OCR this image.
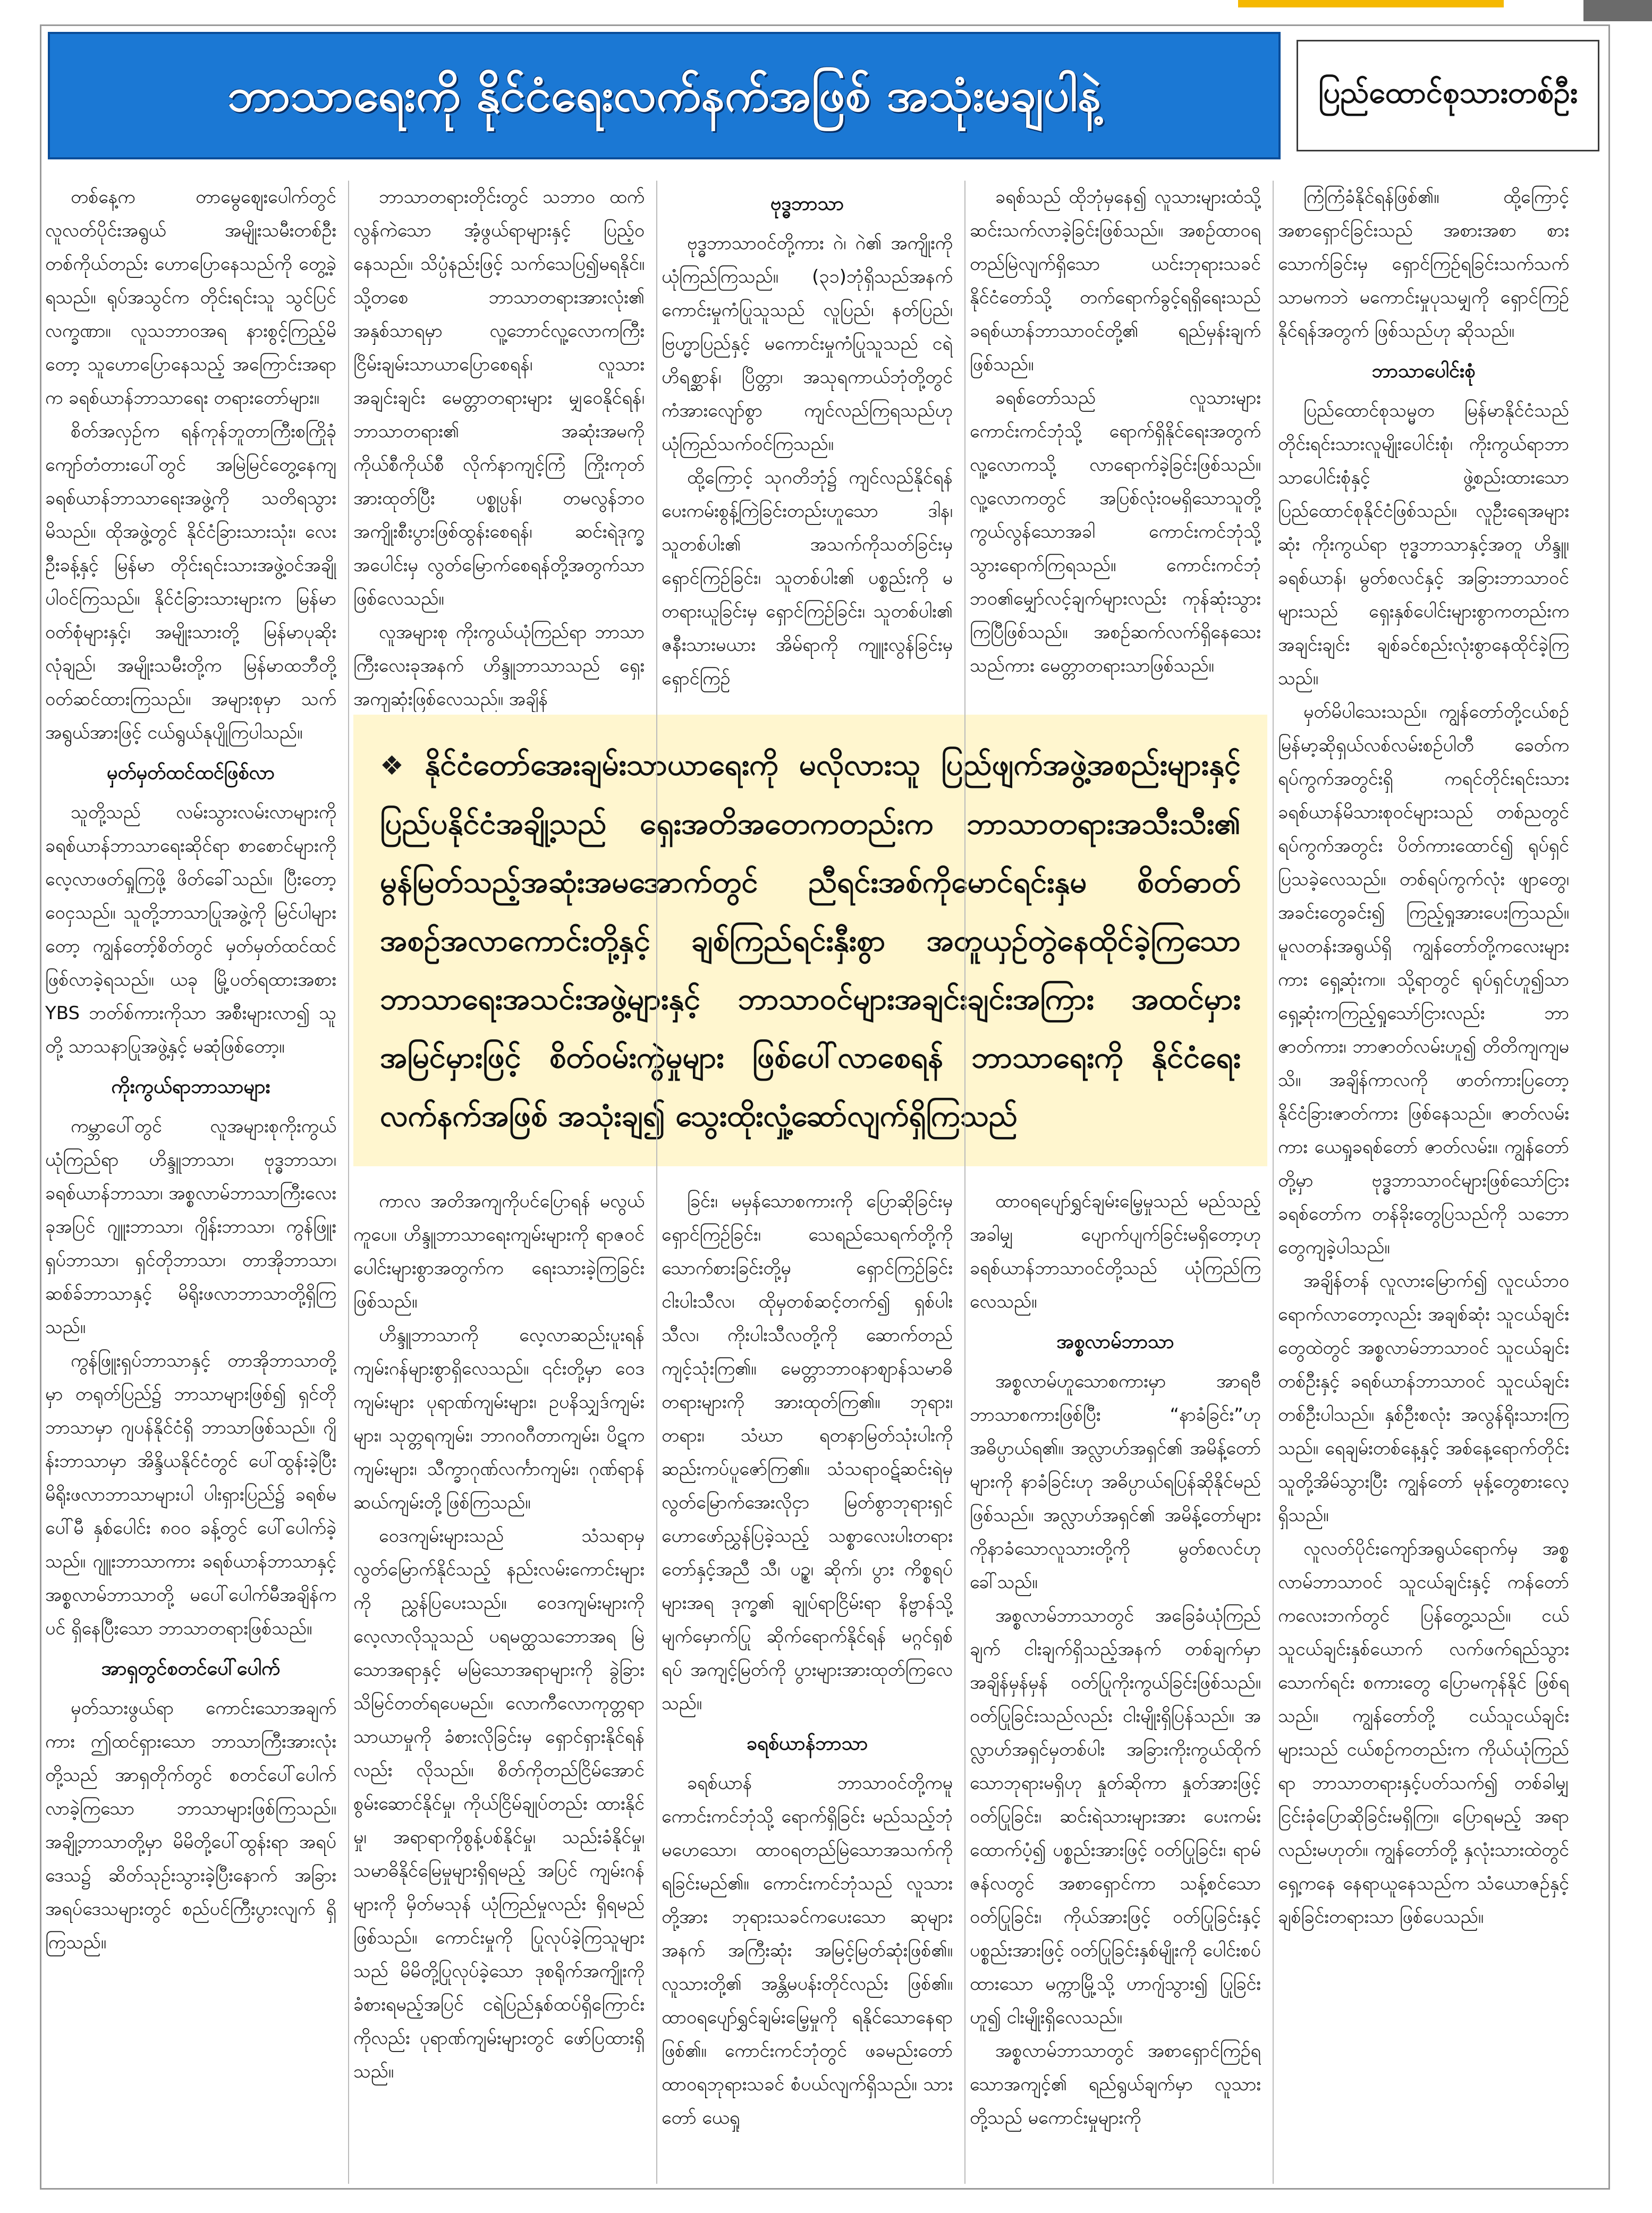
ဘာသာရေးကို နိုင်ငံရေးလက်နက်အဖြစ် အသုံးမချပါနဲ့	ပြည်ထောင်စုသားတစ်ဦး

တစ်နေ့က တာမွေဈေးပေါက်တွင် လူလတ်ပိုင်းအရွယ် အမျိုးသမီးတစ်ဦး တစ်ကိုယ်တည်း ဟောပြောနေသည်ကို တွေ့ခဲ့ရသည်။ ရုပ်အသွင်က တိုင်းရင်းသူ သွင်ပြင်လက္ခဏာ။ လူသဘာဝအရ နားစွင့်ကြည့်မိတော့ သူဟောပြောနေသည့် အကြောင်းအရာ က ခရစ်ယာန်ဘာသာရေး တရားတော်များ။

စိတ်အလှဉ်က ရန်ကုန်ဘူတာကြီးစကြိုခုံကျော်တံတားပေါ်တွင် အမြဲမြင်တွေ့နေကျ ခရစ်ယာန်ဘာသာရေးအဖွဲ့ကို သတိရသွားမိသည်။ ထိုအဖွဲ့တွင် နိုင်ငံခြားသားသုံး၊ လေးဦးခန့်နှင့် မြန်မာ တိုင်းရင်းသားအဖွဲ့ဝင်အချို့ ပါဝင်ကြသည်။ နိုင်ငံခြားသားများက မြန်မာဝတ်စုံများနှင့်၊ အမျိုးသားတို့ မြန်မာပုဆိုးလုံချည်၊ အမျိုးသမီးတို့က မြန်မာထဘီတို့ ဝတ်ဆင်ထားကြသည်။ အများစုမှာ သက်အရွယ်အားဖြင့် ငယ်ရွယ်နုပျိုကြပါသည်။

မှတ်မှတ်ထင်ထင်ဖြစ်လာ

သူတို့သည် လမ်းသွားလမ်းလာများကို ခရစ်ယာန်ဘာသာရေးဆိုင်ရာ စာစောင်များကို လေ့လာဖတ်ရှုကြဖို့ ဖိတ်ခေါ်သည်။ ပြီးတော့ ဝေငှသည်။ သူတို့ဘာသာပြုအဖွဲ့ကို မြင်ပါများတော့ ကျွန်တော့်စိတ်တွင် မှတ်မှတ်ထင်ထင်ဖြစ်လာခဲ့ရသည်။ ယခု မြို့ပတ်ရထားအစား YBS ဘတ်စ်ကားကိုသာ အစီးများလာ၍ သူတို့ သာသနာပြုအဖွဲ့နှင့် မဆုံဖြစ်တော့။

ကိုးကွယ်ရာဘာသာများ

ကမ္ဘာပေါ်တွင် လူအများစုကိုးကွယ်ယုံကြည်ရာ ဟိန္ဒူဘာသာ၊ ဗုဒ္ဓဘာသာ၊ ခရစ်ယာန်ဘာသာ၊ အစ္စလာမ်ဘာသာကြီးလေးခုအပြင် ဂျူးဘာသာ၊ ဂျိန်းဘာသာ၊ ကွန်ဖြူးရှပ်ဘာသာ၊ ရှင်တိုဘာသာ၊ တာအိုဘာသာ၊ ဆစ်ခ်ဘာသာနှင့် မိရိုးဖလာဘာသာတို့ရှိကြသည်။

ကွန်ဖြူးရှပ်ဘာသာနှင့် တာအိုဘာသာတို့မှာ တရုတ်ပြည်၌ ဘာသာများဖြစ်၍ ရှင်တိုဘာသာမှာ ဂျပန်နိုင်ငံရှိ ဘာသာဖြစ်သည်။ ဂျိန်းဘာသာမှာ အိန္ဒိယနိုင်ငံတွင် ပေါ်ထွန်းခဲ့ပြီး မိရိုးဖလာဘာသာများပါ ပါးရှားပြည်၌ ခရစ်မပေါ်မီ နှစ်ပေါင်း ၈၀၀ ခန့်တွင် ပေါ်ပေါက်ခဲ့သည်။ ဂျူးဘာသာကား ခရစ်ယာန်ဘာသာနှင့် အစ္စလာမ်ဘာသာတို့ မပေါ်ပေါက်မီအချိန်ကပင် ရှိနေပြီးသော ဘာသာတရားဖြစ်သည်။

အာရှတွင်စတင်ပေါ်ပေါက်

မှတ်သားဖွယ်ရာ ကောင်းသောအချက်ကား ဤထင်ရှားသော ဘာသာကြီးအားလုံးတို့သည် အာရှတိုက်တွင် စတင်ပေါ်ပေါက်လာခဲ့ကြသော ဘာသာများဖြစ်ကြသည်။ အချို့ဘာသာတို့မှာ မိမိတို့ပေါ်ထွန်းရာ အရပ်ဒေသ၌ ဆိတ်သုဉ်းသွားခဲ့ပြီးနောက် အခြားအရပ်ဒေသများတွင် စည်ပင်ကြီးပွားလျက် ရှိကြသည်။

ဘာသာတရားတိုင်းတွင် သဘာဝ ထက်လွန်ကဲသော အံ့ဖွယ်ရာများနှင့် ပြည့်ဝနေသည်။ သိပ္ပံနည်းဖြင့် သက်သေပြ၍မရနိုင်။ သို့တစေ ဘာသာတရားအားလုံး၏ အနှစ်သာရမှာ လူ့ဘောင်လူ့လောကကြီး ငြိမ်းချမ်းသာယာပြောစေရန်၊ လူသားအချင်းချင်း မေတ္တာတရားများ မျှဝေနိုင်ရန်၊ ဘာသာတရား၏ အဆုံးအမကို ကိုယ်စီကိုယ်စီ လိုက်နာကျင့်ကြံ ကြိုးကုတ်အားထုတ်ပြီး ပစ္စုပ္ပန်၊ တမလွန်ဘဝ အကျိုးစီးပွားဖြစ်ထွန်းစေရန်၊ ဆင်းရဲဒုက္ခအပေါင်းမှ လွတ်မြောက်စေရန်တို့အတွက်သာ ဖြစ်လေသည်။

လူအများစု ကိုးကွယ်ယုံကြည်ရာ ဘာသာကြီးလေးခုအနက် ဟိန္ဒူဘာသာသည် ရှေးအကျဆုံးဖြစ်လေသည်။ အချိန်

ဗုဒ္ဓဘာသာ

ဗုဒ္ဓဘာသာဝင်တို့ကား ဂဲ၊ ဂဲ၏ အကျိုးကို ယုံကြည်ကြသည်။ (၃၁)ဘုံရှိသည်အနက် ကောင်းမှုကံပြုသူသည် လူပြည်၊ နတ်ပြည်၊ ဗြဟ္မာပြည်နှင့် မကောင်းမှုကံပြုသူသည် ငရဲ ဟိရစ္ဆာန်၊ ပြိတ္တာ၊ အသုရကာယ်ဘုံတို့တွင် ကံအားလျော်စွာ ကျင်လည်ကြရသည်ဟု ယုံကြည်သက်ဝင်ကြသည်။

ထို့ကြောင့် သုဂတိဘုံ၌ ကျင်လည်နိုင်ရန် ပေးကမ်းစွန့်ကြဲခြင်းတည်းဟူသော ဒါန၊ သူတစ်ပါး၏ အသက်ကိုသတ်ခြင်းမှရှောင်ကြဉ်ခြင်း၊ သူတစ်ပါး၏ ပစ္စည်းကို မတရားယူခြင်းမှ ရှောင်ကြဉ်ခြင်း၊ သူတစ်ပါး၏ ဇနီးသားမယား အိမ်ရာကို ကျူးလွန်ခြင်းမှ ရှောင်ကြဉ်

ခရစ်သည် ထိုဘုံမှနေ၍ လူသားများထံသို့ ဆင်းသက်လာခဲ့ခြင်းဖြစ်သည်။ အစဉ်ထာဝရတည်မြဲလျက်ရှိသော ယင်းဘုရားသခင် နိုင်ငံတော်သို့ တက်ရောက်ခွင့်ရရှိရေးသည် ခရစ်ယာန်ဘာသာဝင်တို့၏ ရည်မှန်းချက်ဖြစ်သည်။

ခရစ်တော်သည် လူသားများ ကောင်းကင်ဘုံသို့ ရောက်ရှိနိုင်ရေးအတွက် လူ့လောကသို့ လာရောက်ခဲ့ခြင်းဖြစ်သည်။ လူ့လောကတွင် အပြစ်လုံးဝမရှိသောသူတို့ ကွယ်လွန်သောအခါ ကောင်းကင်ဘုံသို့ သွားရောက်ကြရသည်။ ကောင်းကင်ဘုံ ဘဝ၏မျှော်လင့်ချက်များလည်း ကုန်ဆုံးသွားကြပြီဖြစ်သည်။ အစဉ်ဆက်လက်ရှိနေသေးသည်ကား မေတ္တာတရားသာဖြစ်သည်။

❖ နိုင်ငံတော်အေးချမ်းသာယာရေးကို မလိုလားသူ ပြည်ဖျက်အဖွဲ့အစည်းများနှင့် ပြည်ပနိုင်ငံအချို့သည် ရှေးအတိအတေကတည်းက ဘာသာတရားအသီးသီး၏ မွန်မြတ်သည့်အဆုံးအမအောက်တွင် ညီရင်းအစ်ကိုမောင်ရင်းနှမ စိတ်ဓာတ်အစဉ်အလာကောင်းတို့နှင့် ချစ်ကြည်ရင်းနှီးစွာ အတူယှဉ်တွဲနေထိုင်ခဲ့ကြသော ဘာသာရေးအသင်းအဖွဲ့များနှင့် ဘာသာဝင်များအချင်းချင်းအကြား အထင်မှားအမြင်မှားဖြင့် စိတ်ဝမ်းကွဲမှုများ ဖြစ်ပေါ်လာစေရန် ဘာသာရေးကို နိုင်ငံရေးလက်နက်အဖြစ် အသုံးချ၍ သွေးထိုးလှုံ့ဆော်လျက်ရှိကြသည်

ကာလ အတိအကျကိုပင်ပြောရန် မလွယ်ကူပေ။ ဟိန္ဒူဘာသာရေးကျမ်းများကို ရာဇဝင်ပေါင်းများစွာအတွက်က ရေးသားခဲ့ကြခြင်းဖြစ်သည်။

ဟိန္ဒူဘာသာကို လေ့လာဆည်းပူးရန် ကျမ်းဂန်များစွာရှိလေသည်။ ၎င်းတို့မှာ ဝေဒကျမ်းများ ပုရာဏ်ကျမ်းများ၊ ဥပနိသျှဒ်ကျမ်းများ၊ သုတ္တရကျမ်း၊ ဘာဂဝဂီတာကျမ်း၊ ပိဋကကျမ်းများ၊ သီက္ခာဂုဏ်လင်္ကာကျမ်း၊ ဂုဏ်ရာန်ဆယ်ကျမ်းတို့ဖြစ်ကြသည်။

ဝေဒကျမ်းများသည် သံသရာမှ လွတ်မြောက်နိုင်သည့် နည်းလမ်းကောင်းများကို ညွှန်ပြပေးသည်။ ဝေဒကျမ်းများကို လေ့လာလိုသူသည် ပရမတ္ထသဘောအရ မြဲသောအရာနှင့် မမြဲသောအရာများကို ခွဲခြားသိမြင်တတ်ရပေမည်။ လောကီလောကုတ္တရာ သာယာမှုကို ခံစားလိုခြင်းမှ ရှောင်ရှားနိုင်ရန်လည်း လိုသည်။ စိတ်ကိုတည်ငြိမ်အောင် စွမ်းဆောင်နိုင်မှု၊ ကိုယ်ငြိမ်ချုပ်တည်း ထားနိုင်မှု၊ အရာရာကိုစွန့်ပစ်နိုင်မှု၊ သည်းခံနိုင်မှု၊ သမာဓိနိုင်မြေမှုများရှိရမည့် အပြင် ကျမ်းဂန်များကို မှိတ်မသုန် ယုံကြည်မှုလည်း ရှိရမည်ဖြစ်သည်။ ကောင်းမှုကို ပြုလုပ်ခဲ့ကြသူများသည် မိမိတို့ပြုလုပ်ခဲ့သော ဒုစရိုက်အကျိုးကို ခံစားရမည့်အပြင် ငရဲပြည်နှစ်ထပ်ရှိကြောင်းကိုလည်း ပုရာဏ်ကျမ်းများတွင် ဖော်ပြထားရှိသည်။

ခြင်း၊ မမှန်သောစကားကို ပြောဆိုခြင်းမှ ရှောင်ကြဉ်ခြင်း၊ သေရည်သေရက်တို့ကို သောက်စားခြင်းတို့မှ ရှောင်ကြဉ်ခြင်း ငါးပါးသီလ၊ ထိုမှတစ်ဆင့်တက်၍ ရှစ်ပါးသီလ၊ ကိုးပါးသီလတို့ကို ဆောက်တည်ကျင့်သုံးကြ၏။ မေတ္တာဘာဝနာစျာန်သမာဓိတရားများကို အားထုတ်ကြ၏။ ဘုရား၊ တရား၊ သံဃာ ရတနာမြတ်သုံးပါးကို ဆည်းကပ်ပူဇော်ကြ၏။ သံသရာဝဋ်ဆင်းရဲမှ လွတ်မြောက်အေးလိုငှာ မြတ်စွာဘုရားရှင် ဟောဖော်ညွှန်ပြခဲ့သည့် သစ္စာလေးပါးတရားတော်နှင့်အညီ သီ၊ ပဉ္စ၊ ဆိုက်၊ ပွား ကိစ္စရပ်များအရ ဒုက္ခ၏ ချုပ်ရာငြိမ်းရာ နိဗ္ဗာန်သို့ မျက်မှောက်ပြု ဆိုက်ရောက်နိုင်ရန် မဂ္ဂင်ရှစ်ရပ် အကျင့်မြတ်ကို ပွားများအားထုတ်ကြလေသည်။

ခရစ်ယာန်ဘာသာ

ခရစ်ယာန် ဘာသာဝင်တို့ကမူ ကောင်းကင်ဘုံသို့ ရောက်ရှိခြင်း မည်သည့်ဘုံ မဟေသော၊ ထာဝရတည်မြဲသောအသက်ကို ရခြင်းမည်၏။ ကောင်းကင်ဘုံသည် လူသားတို့အား ဘုရားသခင်ကပေးသော ဆုများအနက် အကြီးဆုံး အမြင့်မြတ်ဆုံးဖြစ်၏။ လူသားတို့၏ အန္တိမပန်းတိုင်လည်း ဖြစ်၏။ ထာဝရပျော်ရွှင်ချမ်းမြေ့မှုကို ရနိုင်သောနေရာဖြစ်၏။ ကောင်းကင်ဘုံတွင် ဖခမည်းတော် ထာဝရဘုရားသခင် စံပယ်လျက်ရှိသည်။ သားတော် ယေရှု

ထာဝရပျော်ရွှင်ချမ်းမြေ့မှုသည် မည်သည့်အခါမျှ ပျောက်ပျက်ခြင်းမရှိတော့ဟု ခရစ်ယာန်ဘာသာဝင်တို့သည် ယုံကြည်ကြလေသည်။

အစ္စလာမ်ဘာသာ

အစ္စလာမ်ဟူသောစကားမှာ အာရဗီဘာသာစကားဖြစ်ပြီး “နာခံခြင်း”ဟု အဓိပ္ပာယ်ရ၏။ အလ္လာဟ်အရှင်၏ အမိန့်တော်များကို နာခံခြင်းဟု အဓိပ္ပာယ်ရပြန်ဆိုနိုင်မည်ဖြစ်သည်။ အလ္လာဟ်အရှင်၏ အမိန့်တော်များကိုနာခံသောလူသားတို့ကို မွတ်စလင်ဟုခေါ်သည်။

အစ္စလာမ်ဘာသာတွင် အခြေခံယုံကြည်ချက် ငါးချက်ရှိသည့်အနက် တစ်ချက်မှာ အချိန်မှန်မှန် ဝတ်ပြုကိုးကွယ်ခြင်းဖြစ်သည်။ ဝတ်ပြုခြင်းသည်လည်း ငါးမျိုးရှိပြန်သည်။ အလ္လာဟ်အရှင်မှတစ်ပါး အခြားကိုးကွယ်ထိုက်သောဘုရားမရှိဟု နှုတ်ဆိုကာ နှုတ်အားဖြင့် ဝတ်ပြုခြင်း၊ ဆင်းရဲသားများအား ပေးကမ်းထောက်ပံ့၍ ပစ္စည်းအားဖြင့် ဝတ်ပြုခြင်း၊ ရာမ်ဇန်လတွင် အစာရှောင်ကာ သန့်စင်သောဝတ်ပြုခြင်း၊ ကိုယ်အားဖြင့် ဝတ်ပြုခြင်းနှင့် ပစ္စည်းအားဖြင့် ဝတ်ပြုခြင်းနှစ်မျိုးကို ပေါင်းစပ်ထားသော မက္ကာမြို့သို့ ဟာဂျ်သွား၍ ပြုခြင်းဟူ၍ ငါးမျိုးရှိလေသည်။

အစ္စလာမ်ဘာသာတွင် အစာရှောင်ကြဉ်ရသောအကျင့်၏ ရည်ရွယ်ချက်မှာ လူသားတို့သည် မကောင်းမှုများကို

ကြံကြံခံနိုင်ရန်ဖြစ်၏။ ထို့ကြောင့် အစာရှောင်ခြင်းသည် အစားအစာ စားသောက်ခြင်းမှ ရှောင်ကြဉ်ရခြင်းသက်သက်သာမကဘဲ မကောင်းမှုပုသမျှကို ရှောင်ကြဉ်နိုင်ရန်အတွက် ဖြစ်သည်ဟု ဆိုသည်။

ဘာသာပေါင်းစုံ

ပြည်ထောင်စုသမ္မတ မြန်မာနိုင်ငံသည် တိုင်းရင်းသားလူမျိုးပေါင်းစုံ၊ ကိုးကွယ်ရာဘာသာပေါင်းစုံနှင့် ဖွဲ့စည်းထားသော ပြည်ထောင်စုနိုင်ငံဖြစ်သည်။ လူဦးရေအများဆုံး ကိုးကွယ်ရာ ဗုဒ္ဓဘာသာနှင့်အတူ ဟိန္ဒူ၊ ခရစ်ယာန်၊ မွတ်စလင်နှင့် အခြားဘာသာဝင်များသည် ရှေးနှစ်ပေါင်းများစွာကတည်းက အချင်းချင်း ချစ်ခင်စည်းလုံးစွာနေထိုင်ခဲ့ကြသည်။

မှတ်မိပါသေးသည်။ ကျွန်တော်တို့ငယ်စဉ် မြန်မာ့ဆိုရှယ်လစ်လမ်းစဉ်ပါတီ ခေတ်က ရပ်ကွက်အတွင်းရှိ ကရင်တိုင်းရင်းသားခရစ်ယာန်မိသားစုဝင်များသည် တစ်ညတွင် ရပ်ကွက်အတွင်း ပိတ်ကားထောင်၍ ရုပ်ရှင်ပြသခဲ့လေသည်။ တစ်ရပ်ကွက်လုံး ဖျာတွေ၊ အခင်းတွေခင်း၍ ကြည့်ရှုအားပေးကြသည်။ မူလတန်းအရွယ်ရှိ ကျွန်တော်တို့ကလေးများကား ရှေ့ဆုံးက။ သို့ရာတွင် ရုပ်ရှင်ဟူ၍သာ ရှေ့ဆုံးကကြည့်ရှုသော်ငြားလည်း ဘာဇာတ်ကား၊ ဘာဇာတ်လမ်းဟူ၍ တိတိကျကျမသိ။ အချိန်ကာလကို ဖာတ်ကားပြတော့ နိုင်ငံခြားဇာတ်ကား ဖြစ်နေသည်။ ဇာတ်လမ်းကား ယေရှုခရစ်တော် ဇာတ်လမ်း။ ကျွန်တော်တို့မှာ ဗုဒ္ဓဘာသာဝင်များဖြစ်သော်ငြား ခရစ်တော်က တန်ခိုးတွေပြသည်ကို သဘောတွေကျခဲ့ပါသည်။

အချိန်တန် လူလားမြောက်၍ လူငယ်ဘဝ ရောက်လာတော့လည်း အချစ်ဆုံး သူငယ်ချင်းတွေထဲတွင် အစ္စလာမ်ဘာသာဝင် သူငယ်ချင်းတစ်ဦးနှင့် ခရစ်ယာန်ဘာသာဝင် သူငယ်ချင်းတစ်ဦးပါသည်။ နှစ်ဦးစလုံး အလွန်ရိုးသားကြသည်။ ရေချမ်းတစ်နေ့နှင့် အစ်နေ့ရောက်တိုင်း သူတို့အိမ်သွားပြီး ကျွန်တော် မုန့်တွေစားလေ့ရှိသည်။

လူလတ်ပိုင်းကျော်အရွယ်ရောက်မှ အစ္စလာမ်ဘာသာဝင် သူငယ်ချင်းနှင့် ကန်တော်ကလေးဘက်တွင် ပြန်တွေ့သည်။ ငယ်သူငယ်ချင်းနှစ်ယောက် လက်ဖက်ရည်သွားသောက်ရင်း စကားတွေ ပြောမကုန်နိုင် ဖြစ်ရသည်။ ကျွန်တော်တို့ ငယ်သူငယ်ချင်းများသည် ငယ်စဉ်ကတည်းက ကိုယ်ယုံကြည်ရာ ဘာသာတရားနှင့်ပတ်သက်၍ တစ်ခါမျှ ငြင်းခုံပြောဆိုခြင်းမရှိကြ။ ပြောရမည့် အရာလည်းမဟုတ်။ ကျွန်တော်တို့ နှလုံးသားထဲတွင် ရှေ့ကနေ နေရာယူနေသည်က သံယောဇဉ်နှင့် ချစ်ခြင်းတရားသာ ဖြစ်ပေသည်။
